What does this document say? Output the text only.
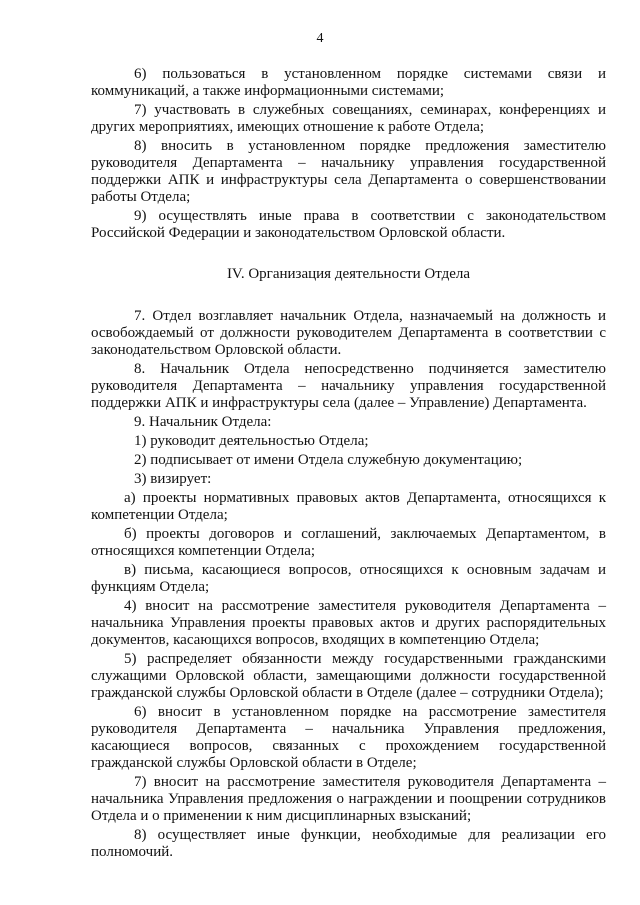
4

6) пользоваться в установленном порядке системами связи и коммуникаций, а также информационными системами;

7) участвовать в служебных совещаниях, семинарах, конференциях и других мероприятиях, имеющих отношение к работе Отдела;

8) вносить в установленном порядке предложения заместителю руководителя Департамента – начальнику управления государственной поддержки АПК и инфраструктуры села Департамента о совершенствовании работы Отдела;

9) осуществлять иные права в соответствии с законодательством Российской Федерации и законодательством Орловской области.

IV. Организация деятельности Отдела

7. Отдел возглавляет начальник Отдела, назначаемый на должность и освобождаемый от должности руководителем Департамента в соответствии с законодательством Орловской области.

8. Начальник Отдела непосредственно подчиняется заместителю руководителя Департамента – начальнику управления государственной поддержки АПК и инфраструктуры села (далее – Управление) Департамента.

9. Начальник Отдела:

1) руководит деятельностью Отдела;

2) подписывает от имени Отдела служебную документацию;

3) визирует:

а) проекты нормативных правовых актов Департамента, относящихся к компетенции Отдела;

б) проекты договоров и соглашений, заключаемых Департаментом, в относящихся компетенции Отдела;

в) письма, касающиеся вопросов, относящихся к основным задачам и функциям Отдела;

4) вносит на рассмотрение заместителя руководителя Департамента – начальника Управления проекты правовых актов и других распорядительных документов, касающихся вопросов, входящих в компетенцию Отдела;

5) распределяет обязанности между государственными гражданскими служащими Орловской области, замещающими должности государственной гражданской службы Орловской области в Отделе (далее – сотрудники Отдела);

6) вносит в установленном порядке на рассмотрение заместителя руководителя Департамента – начальника Управления предложения, касающиеся вопросов, связанных с прохождением государственной гражданской службы Орловской области в Отделе;

7) вносит на рассмотрение заместителя руководителя Департамента – начальника Управления предложения о награждении и поощрении сотрудников Отдела и о применении к ним дисциплинарных взысканий;

8) осуществляет иные функции, необходимые для реализации его полномочий.
